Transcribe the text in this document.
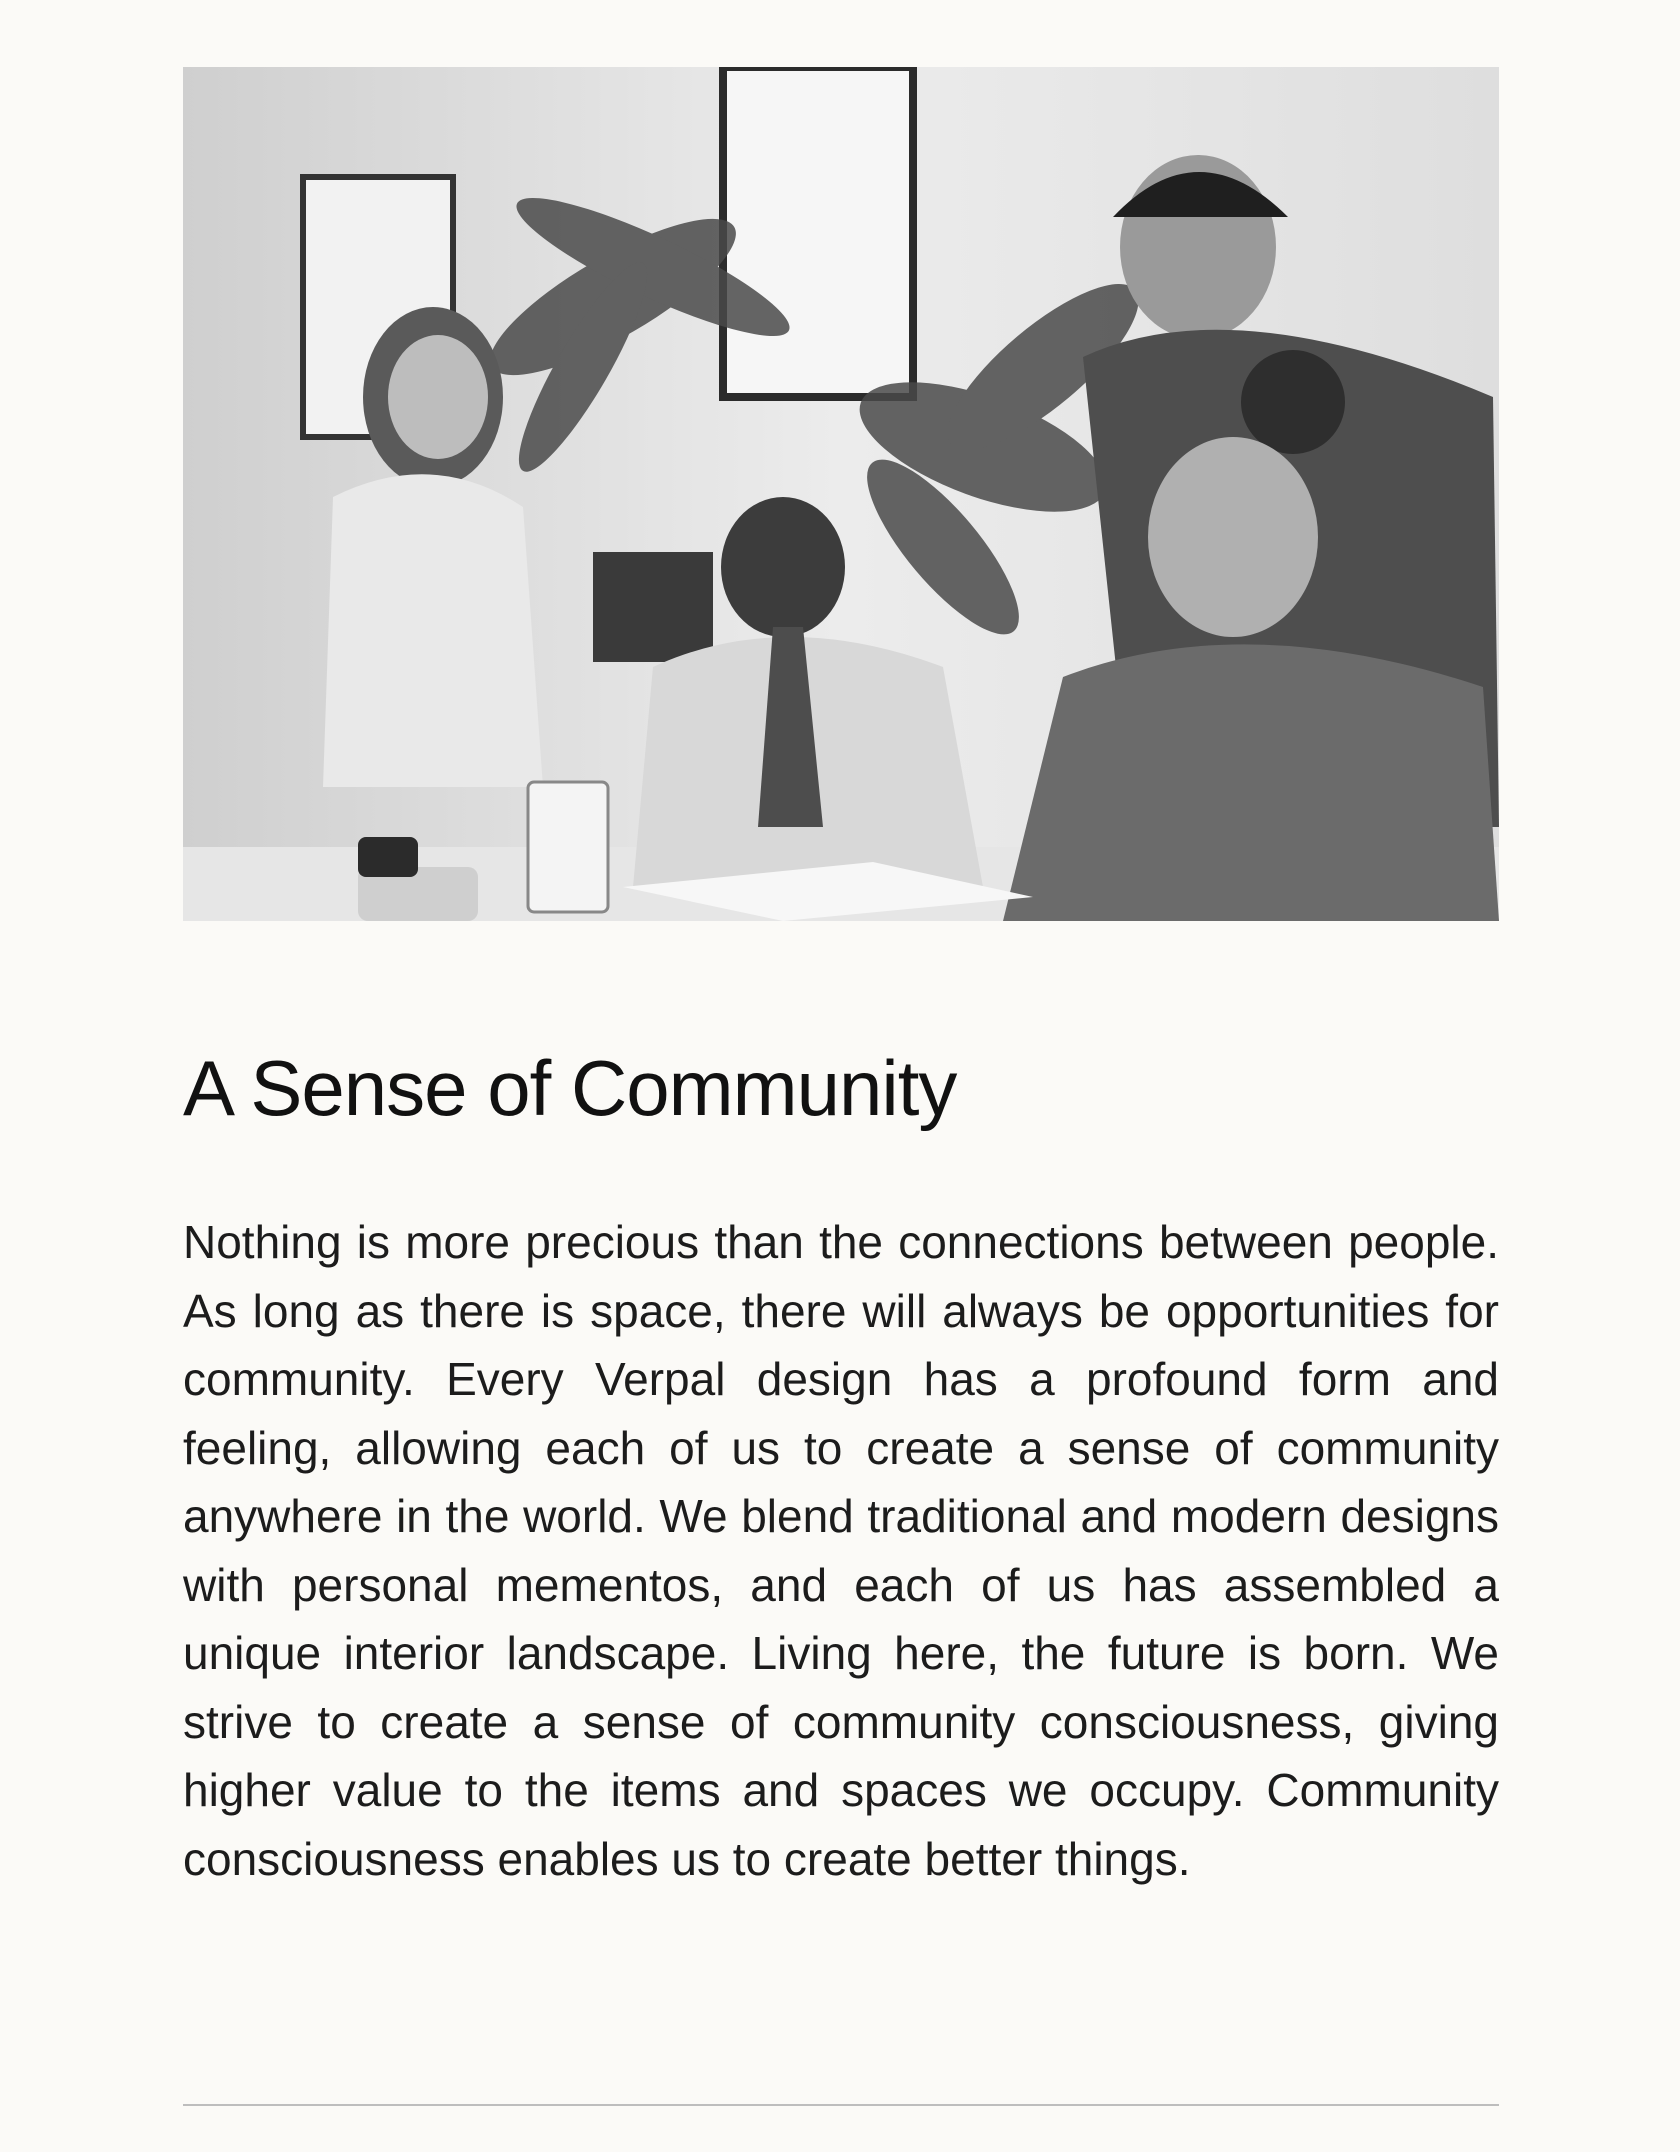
A Sense of Community

Nothing is more precious than the connections between people. As long as there is space, there will always be opportunities for community. Every Verpal design has a profound form and feeling, allowing each of us to create a sense of community anywhere in the world. We blend traditional and modern designs with personal mementos, and each of us has assembled a unique interior landscape. Living here, the future is born. We strive to create a sense of community consciousness, giving higher value to the items and spaces we occupy. Community consciousness enables us to create better things.
